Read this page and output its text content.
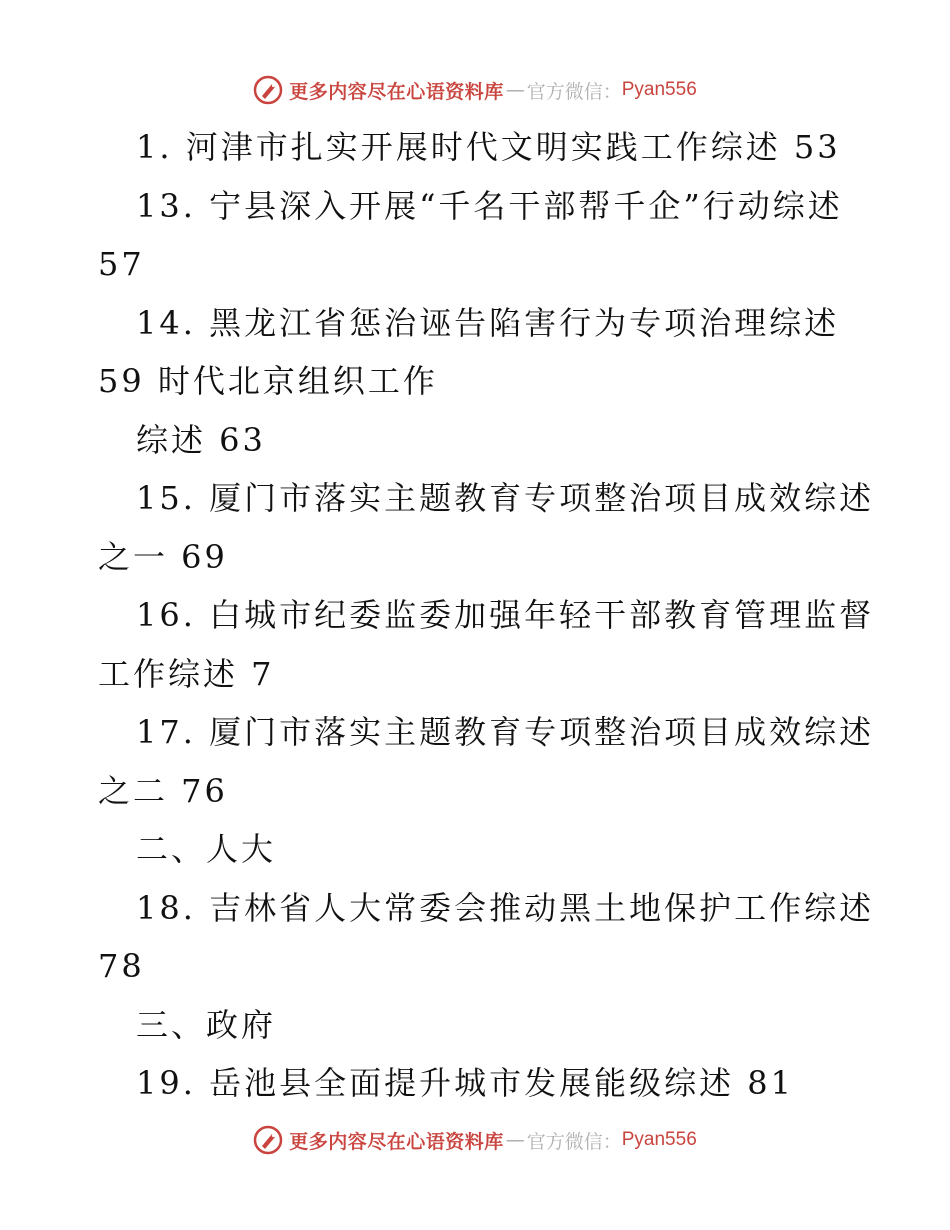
更多内容尽在心语资料库 — 官方微信： Pyan556
1. 河津市扎实开展时代文明实践工作综述 53
13. 宁县深入开展“千名干部帮千企”行动综述
57
14. 黑龙江省惩治诬告陷害行为专项治理综述
59 时代北京组织工作
综述 63
15. 厦门市落实主题教育专项整治项目成效综述
之一 69
16. 白城市纪委监委加强年轻干部教育管理监督
工作综述 7
17. 厦门市落实主题教育专项整治项目成效综述
之二 76
二、人大
18. 吉林省人大常委会推动黑土地保护工作综述
78
三、政府
19. 岳池县全面提升城市发展能级综述 81
更多内容尽在心语资料库 — 官方微信： Pyan556
